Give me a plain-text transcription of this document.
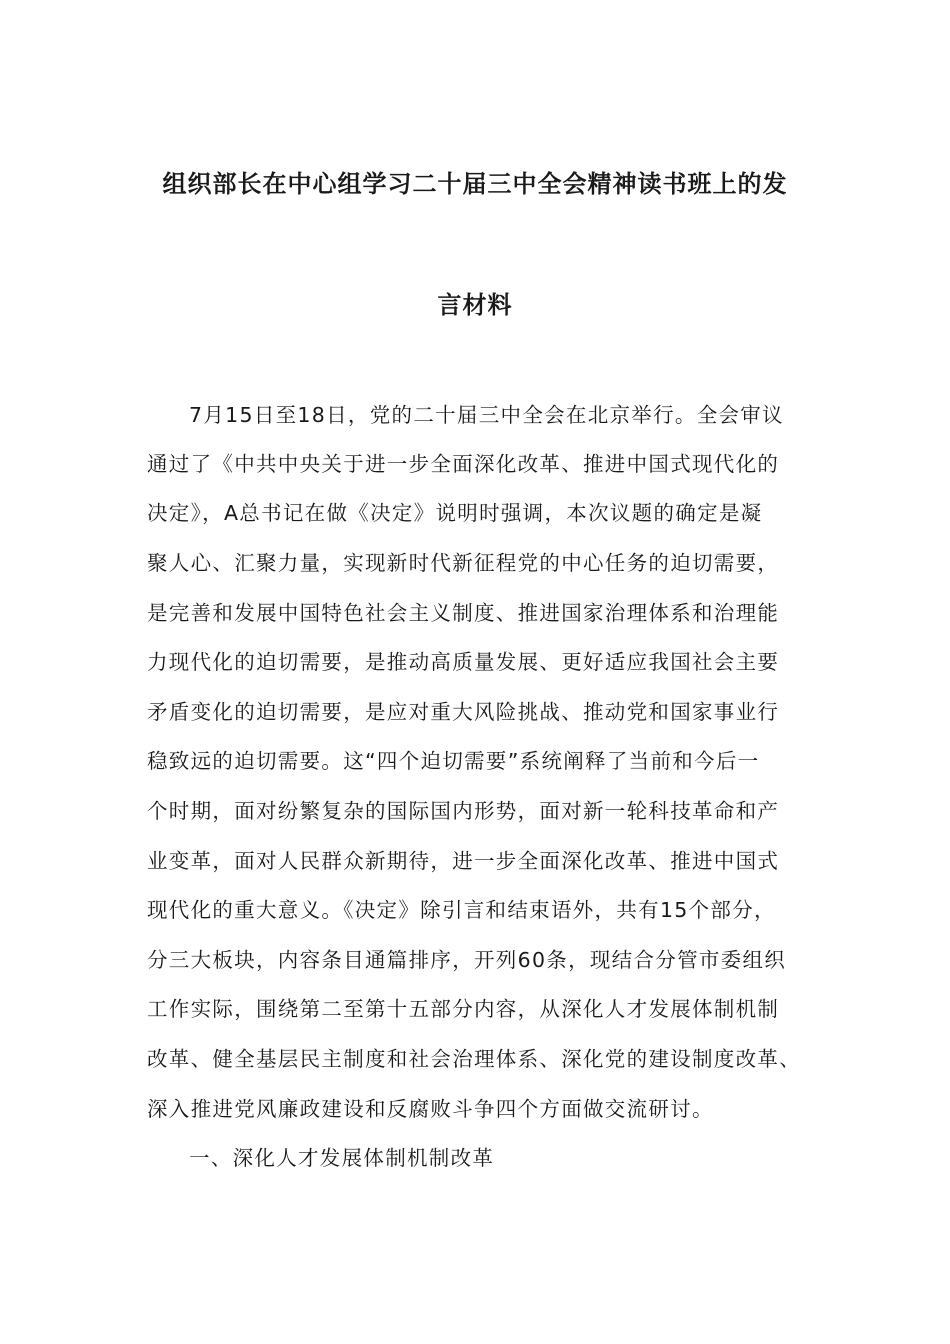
组织部长在中心组学习二十届三中全会精神读书班上的发
言材料
7月15日至18日，党的二十届三中全会在北京举行。全会审议
通过了《中共中央关于进一步全面深化改革、推进中国式现代化的
决定》，A总书记在做《决定》说明时强调，本次议题的确定是凝
聚人心、汇聚力量，实现新时代新征程党的中心任务的迫切需要，
是完善和发展中国特色社会主义制度、推进国家治理体系和治理能
力现代化的迫切需要，是推动高质量发展、更好适应我国社会主要
矛盾变化的迫切需要，是应对重大风险挑战、推动党和国家事业行
稳致远的迫切需要。这“四个迫切需要”系统阐释了当前和今后一
个时期，面对纷繁复杂的国际国内形势，面对新一轮科技革命和产
业变革，面对人民群众新期待，进一步全面深化改革、推进中国式
现代化的重大意义。《决定》除引言和结束语外，共有15个部分，
分三大板块，内容条目通篇排序，开列60条，现结合分管市委组织
工作实际，围绕第二至第十五部分内容，从深化人才发展体制机制
改革、健全基层民主制度和社会治理体系、深化党的建设制度改革、
深入推进党风廉政建设和反腐败斗争四个方面做交流研讨。
一、深化人才发展体制机制改革
